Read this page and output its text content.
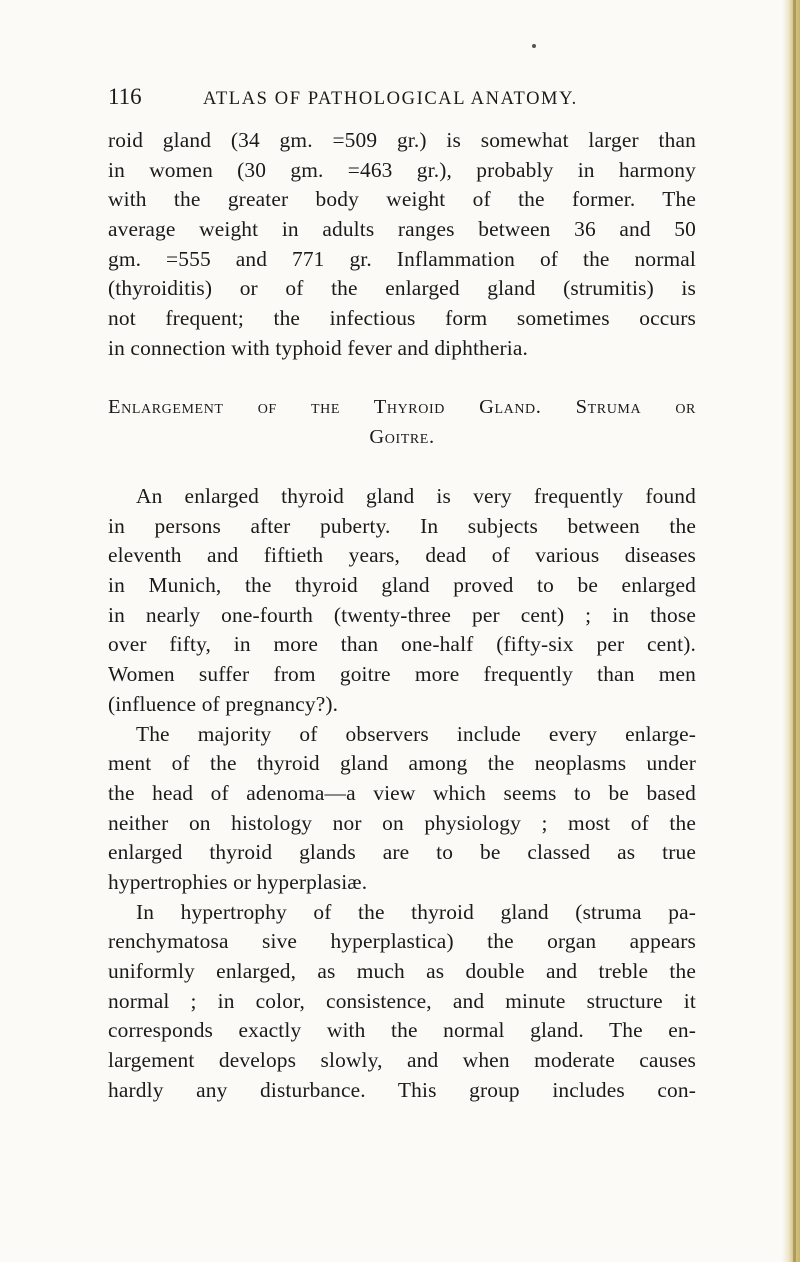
116	ATLAS OF PATHOLOGICAL ANATOMY.
roid gland (34 gm. =509 gr.) is somewhat larger than
in women (30 gm. =463 gr.), probably in harmony
with the greater body weight of the former. The
average weight in adults ranges between 36 and 50
gm. =555 and 771 gr. Inflammation of the normal
(thyroiditis) or of the enlarged gland (strumitis) is
not frequent; the infectious form sometimes occurs
in connection with typhoid fever and diphtheria.
Enlargement of the Thyroid Gland. Struma or
Goitre.
An enlarged thyroid gland is very frequently found
in persons after puberty. In subjects between the
eleventh and fiftieth years, dead of various diseases
in Munich, the thyroid gland proved to be enlarged
in nearly one-fourth (twenty-three per cent) ; in those
over fifty, in more than one-half (fifty-six per cent).
Women suffer from goitre more frequently than men
(influence of pregnancy?).
The majority of observers include every enlarge-
ment of the thyroid gland among the neoplasms under
the head of adenoma—a view which seems to be based
neither on histology nor on physiology ; most of the
enlarged thyroid glands are to be classed as true
hypertrophies or hyperplasiæ.
In hypertrophy of the thyroid gland (struma pa-
renchymatosa sive hyperplastica) the organ appears
uniformly enlarged, as much as double and treble the
normal ; in color, consistence, and minute structure it
corresponds exactly with the normal gland. The en-
largement develops slowly, and when moderate causes
hardly any disturbance. This group includes con-
